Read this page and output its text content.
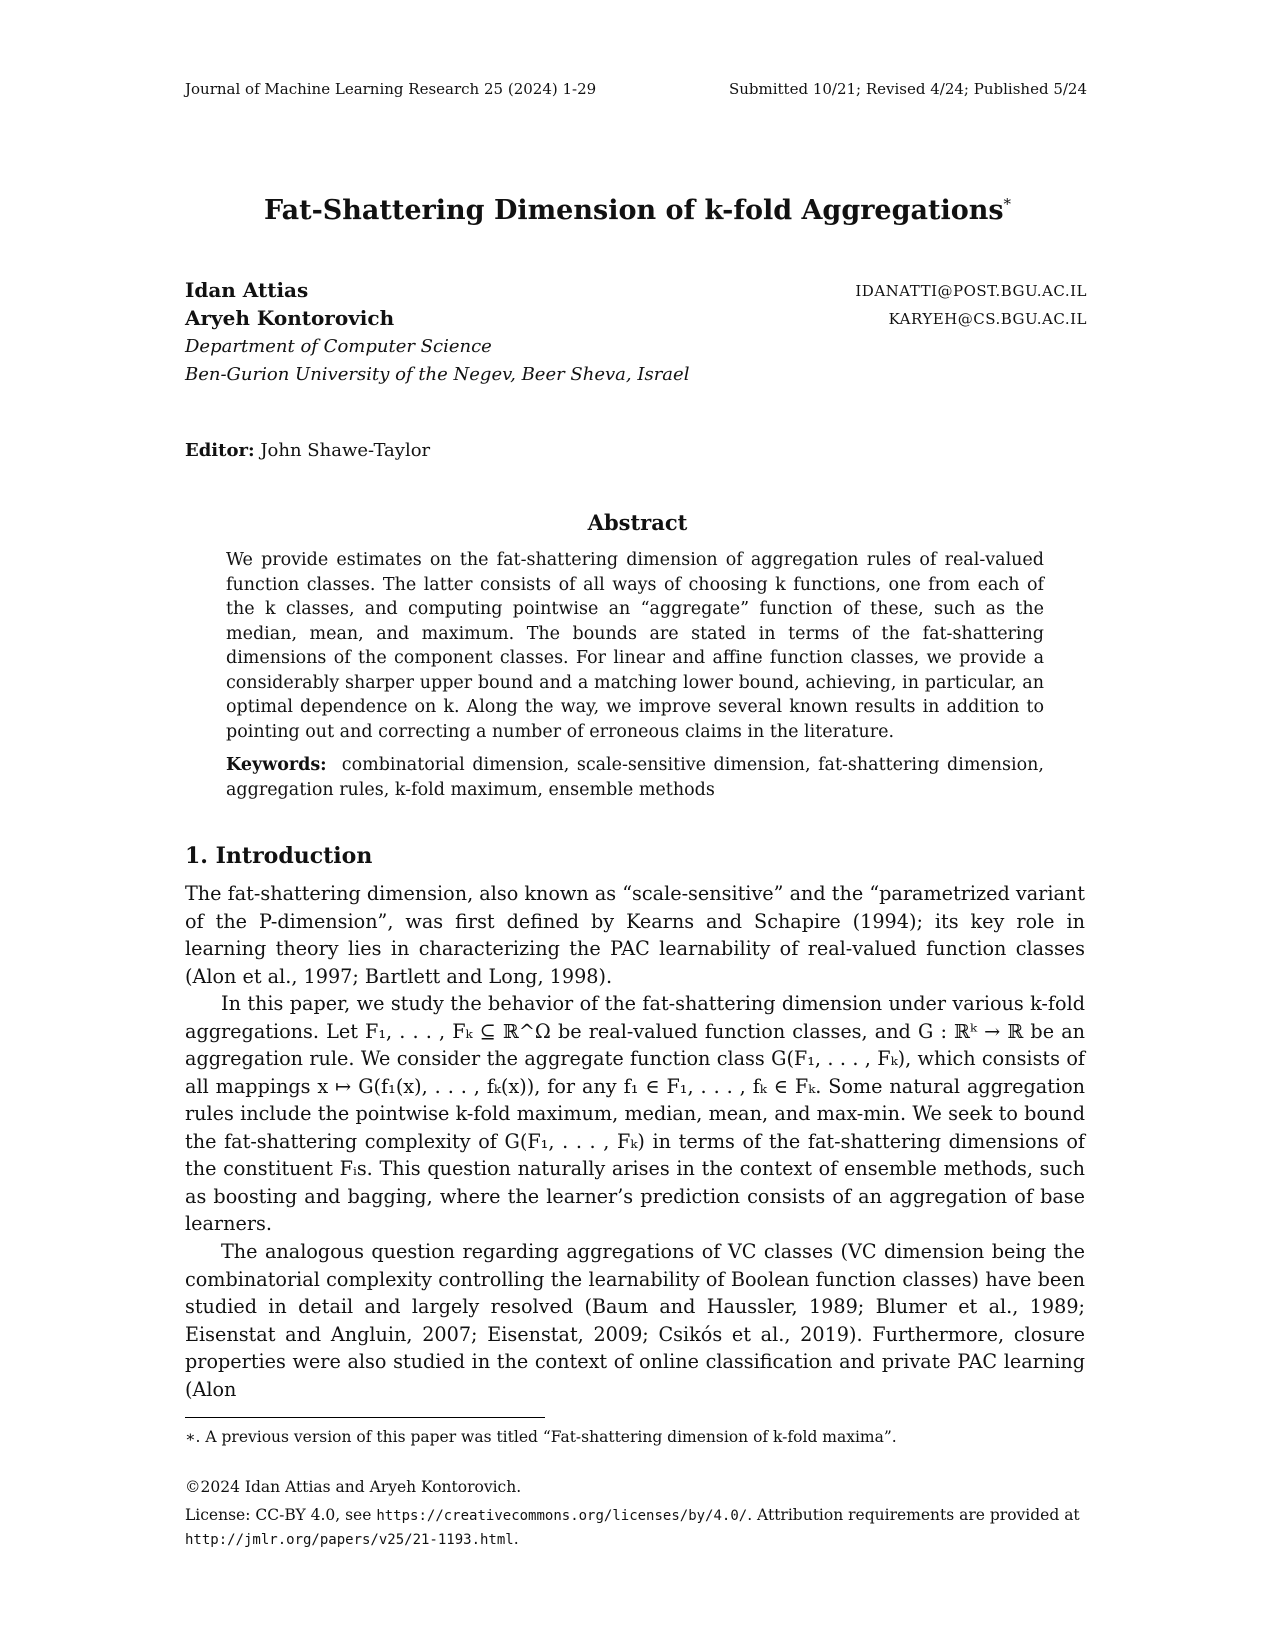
Journal of Machine Learning Research 25 (2024) 1-29	Submitted 10/21; Revised 4/24; Published 5/24
Fat-Shattering Dimension of k-fold Aggregations*
Idan Attias	IDANATTI@POST.BGU.AC.IL
Aryeh Kontorovich	KARYEH@CS.BGU.AC.IL
Department of Computer Science
Ben-Gurion University of the Negev, Beer Sheva, Israel
Editor: John Shawe-Taylor
Abstract
We provide estimates on the fat-shattering dimension of aggregation rules of real-valued function classes. The latter consists of all ways of choosing k functions, one from each of the k classes, and computing pointwise an “aggregate” function of these, such as the median, mean, and maximum. The bounds are stated in terms of the fat-shattering dimensions of the component classes. For linear and affine function classes, we provide a considerably sharper upper bound and a matching lower bound, achieving, in particular, an optimal dependence on k. Along the way, we improve several known results in addition to pointing out and correcting a number of erroneous claims in the literature.
Keywords: combinatorial dimension, scale-sensitive dimension, fat-shattering dimension, aggregation rules, k-fold maximum, ensemble methods
1. Introduction
The fat-shattering dimension, also known as “scale-sensitive” and the “parametrized variant of the P-dimension”, was first defined by Kearns and Schapire (1994); its key role in learning theory lies in characterizing the PAC learnability of real-valued function classes (Alon et al., 1997; Bartlett and Long, 1998).
In this paper, we study the behavior of the fat-shattering dimension under various k-fold aggregations. Let F₁, . . . , Fₖ ⊆ ℝ^Ω be real-valued function classes, and G : ℝᵏ → ℝ be an aggregation rule. We consider the aggregate function class G(F₁, . . . , Fₖ), which consists of all mappings x ↦ G(f₁(x), . . . , fₖ(x)), for any f₁ ∈ F₁, . . . , fₖ ∈ Fₖ. Some natural aggregation rules include the pointwise k-fold maximum, median, mean, and max-min. We seek to bound the fat-shattering complexity of G(F₁, . . . , Fₖ) in terms of the fat-shattering dimensions of the constituent Fᵢs. This question naturally arises in the context of ensemble methods, such as boosting and bagging, where the learner’s prediction consists of an aggregation of base learners.
The analogous question regarding aggregations of VC classes (VC dimension being the combinatorial complexity controlling the learnability of Boolean function classes) have been studied in detail and largely resolved (Baum and Haussler, 1989; Blumer et al., 1989; Eisenstat and Angluin, 2007; Eisenstat, 2009; Csikós et al., 2019). Furthermore, closure properties were also studied in the context of online classification and private PAC learning (Alon
∗. A previous version of this paper was titled “Fat-shattering dimension of k-fold maxima”.
©2024 Idan Attias and Aryeh Kontorovich.
License: CC-BY 4.0, see https://creativecommons.org/licenses/by/4.0/. Attribution requirements are provided at http://jmlr.org/papers/v25/21-1193.html.
